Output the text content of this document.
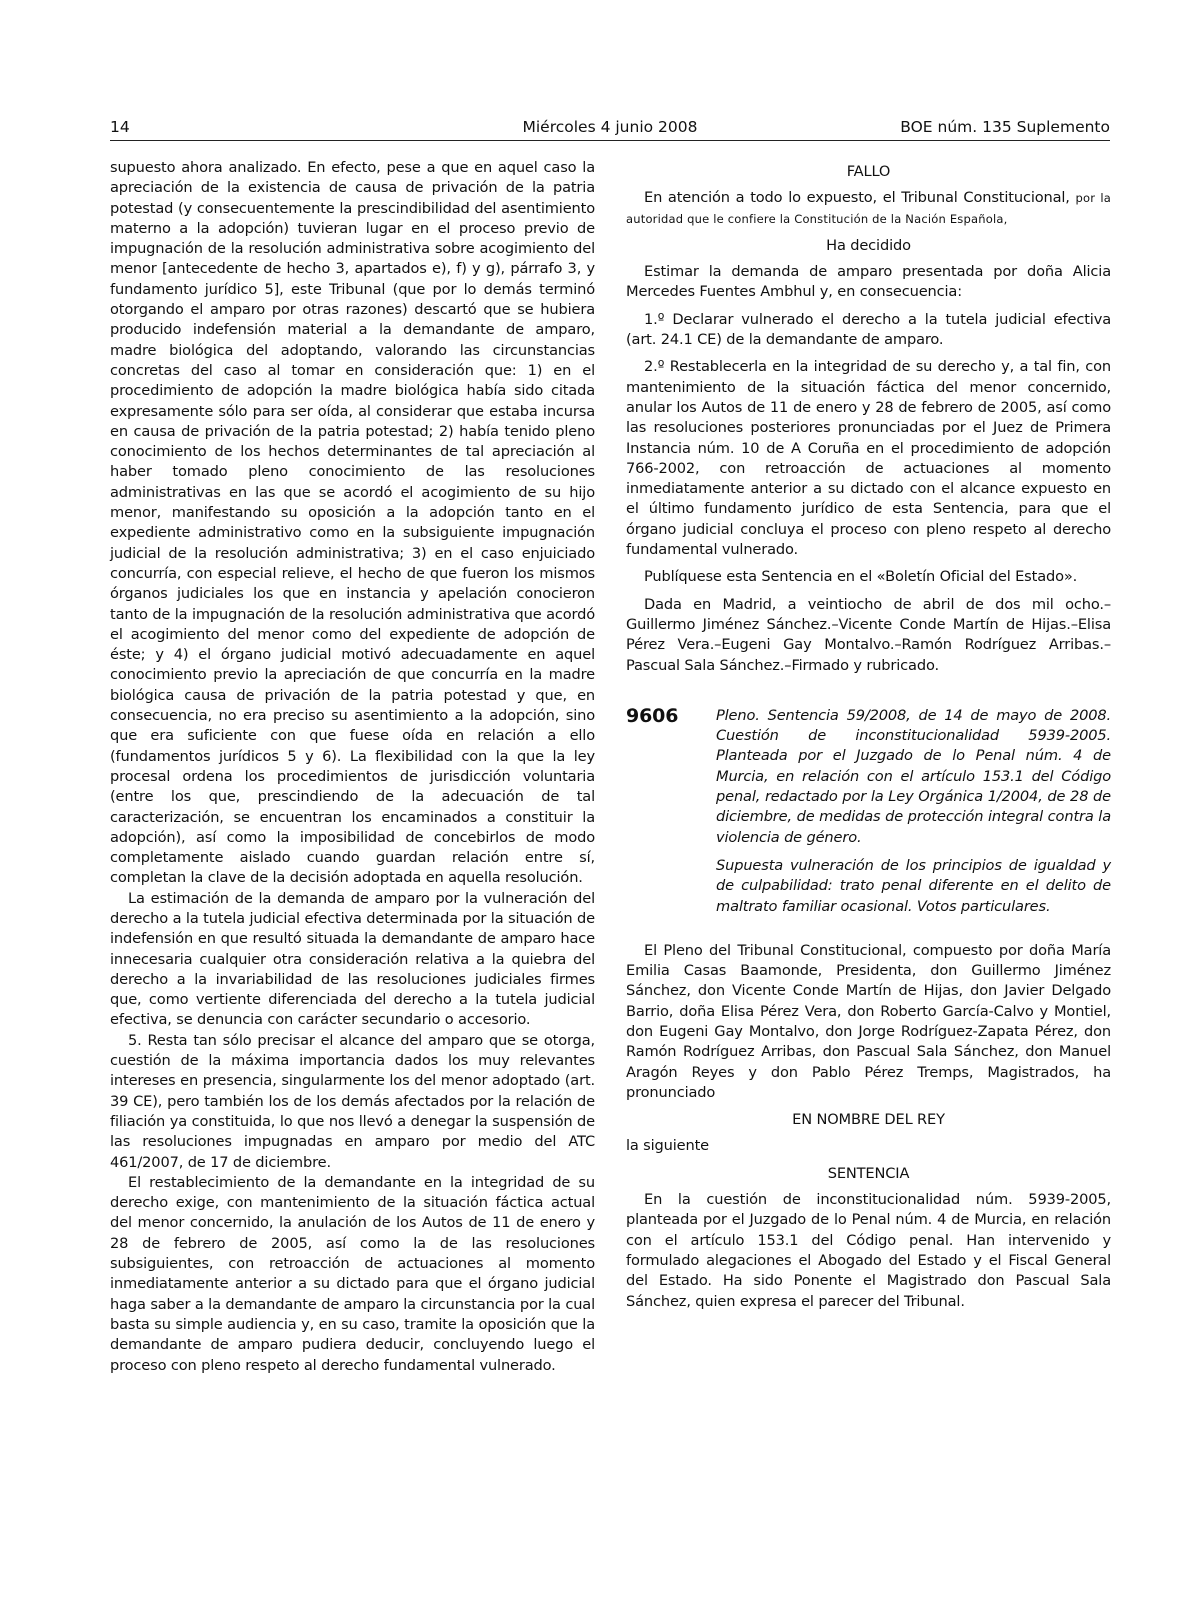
14	Miércoles 4 junio 2008	BOE núm. 135 Suplemento

supuesto ahora analizado. En efecto, pese a que en aquel caso la apreciación de la existencia de causa de privación de la patria potestad (y consecuentemente la prescindibilidad del asentimiento materno a la adopción) tuvieran lugar en el proceso previo de impugnación de la resolución administrativa sobre acogimiento del menor [antecedente de hecho 3, apartados e), f) y g), párrafo 3, y fundamento jurídico 5], este Tribunal (que por lo demás terminó otorgando el amparo por otras razones) descartó que se hubiera producido indefensión material a la demandante de amparo, madre biológica del adoptando, valorando las circunstancias concretas del caso al tomar en consideración que: 1) en el procedimiento de adopción la madre biológica había sido citada expresamente sólo para ser oída, al considerar que estaba incursa en causa de privación de la patria potestad; 2) había tenido pleno conocimiento de los hechos determinantes de tal apreciación al haber tomado pleno conocimiento de las resoluciones administrativas en las que se acordó el acogimiento de su hijo menor, manifestando su oposición a la adopción tanto en el expediente administrativo como en la subsiguiente impugnación judicial de la resolución administrativa; 3) en el caso enjuiciado concurría, con especial relieve, el hecho de que fueron los mismos órganos judiciales los que en instancia y apelación conocieron tanto de la impugnación de la resolución administrativa que acordó el acogimiento del menor como del expediente de adopción de éste; y 4) el órgano judicial motivó adecuadamente en aquel conocimiento previo la apreciación de que concurría en la madre biológica causa de privación de la patria potestad y que, en consecuencia, no era preciso su asentimiento a la adopción, sino que era suficiente con que fuese oída en relación a ello (fundamentos jurídicos 5 y 6). La flexibilidad con la que la ley procesal ordena los procedimientos de jurisdicción voluntaria (entre los que, prescindiendo de la adecuación de tal caracterización, se encuentran los encaminados a constituir la adopción), así como la imposibilidad de concebirlos de modo completamente aislado cuando guardan relación entre sí, completan la clave de la decisión adoptada en aquella resolución.

La estimación de la demanda de amparo por la vulneración del derecho a la tutela judicial efectiva determinada por la situación de indefensión en que resultó situada la demandante de amparo hace innecesaria cualquier otra consideración relativa a la quiebra del derecho a la invariabilidad de las resoluciones judiciales firmes que, como vertiente diferenciada del derecho a la tutela judicial efectiva, se denuncia con carácter secundario o accesorio.

5. Resta tan sólo precisar el alcance del amparo que se otorga, cuestión de la máxima importancia dados los muy relevantes intereses en presencia, singularmente los del menor adoptado (art. 39 CE), pero también los de los demás afectados por la relación de filiación ya constituida, lo que nos llevó a denegar la suspensión de las resoluciones impugnadas en amparo por medio del ATC 461/2007, de 17 de diciembre.

El restablecimiento de la demandante en la integridad de su derecho exige, con mantenimiento de la situación fáctica actual del menor concernido, la anulación de los Autos de 11 de enero y 28 de febrero de 2005, así como la de las resoluciones subsiguientes, con retroacción de actuaciones al momento inmediatamente anterior a su dictado para que el órgano judicial haga saber a la demandante de amparo la circunstancia por la cual basta su simple audiencia y, en su caso, tramite la oposición que la demandante de amparo pudiera deducir, concluyendo luego el proceso con pleno respeto al derecho fundamental vulnerado.

FALLO

En atención a todo lo expuesto, el Tribunal Constitucional, por la autoridad que le confiere la Constitución de la Nación Española,

Ha decidido

Estimar la demanda de amparo presentada por doña Alicia Mercedes Fuentes Ambhul y, en consecuencia:

1.º Declarar vulnerado el derecho a la tutela judicial efectiva (art. 24.1 CE) de la demandante de amparo.

2.º Restablecerla en la integridad de su derecho y, a tal fin, con mantenimiento de la situación fáctica del menor concernido, anular los Autos de 11 de enero y 28 de febrero de 2005, así como las resoluciones posteriores pronunciadas por el Juez de Primera Instancia núm. 10 de A Coruña en el procedimiento de adopción 766-2002, con retroacción de actuaciones al momento inmediatamente anterior a su dictado con el alcance expuesto en el último fundamento jurídico de esta Sentencia, para que el órgano judicial concluya el proceso con pleno respeto al derecho fundamental vulnerado.

Publíquese esta Sentencia en el «Boletín Oficial del Estado».

Dada en Madrid, a veintiocho de abril de dos mil ocho.–Guillermo Jiménez Sánchez.–Vicente Conde Martín de Hijas.–Elisa Pérez Vera.–Eugeni Gay Montalvo.–Ramón Rodríguez Arribas.–Pascual Sala Sánchez.–Firmado y rubricado.

9606	Pleno. Sentencia 59/2008, de 14 de mayo de 2008. Cuestión de inconstitucionalidad 5939-2005. Planteada por el Juzgado de lo Penal núm. 4 de Murcia, en relación con el artículo 153.1 del Código penal, redactado por la Ley Orgánica 1/2004, de 28 de diciembre, de medidas de protección integral contra la violencia de género.

Supuesta vulneración de los principios de igualdad y de culpabilidad: trato penal diferente en el delito de maltrato familiar ocasional. Votos particulares.

El Pleno del Tribunal Constitucional, compuesto por doña María Emilia Casas Baamonde, Presidenta, don Guillermo Jiménez Sánchez, don Vicente Conde Martín de Hijas, don Javier Delgado Barrio, doña Elisa Pérez Vera, don Roberto García-Calvo y Montiel, don Eugeni Gay Montalvo, don Jorge Rodríguez-Zapata Pérez, don Ramón Rodríguez Arribas, don Pascual Sala Sánchez, don Manuel Aragón Reyes y don Pablo Pérez Tremps, Magistrados, ha pronunciado

EN NOMBRE DEL REY

la siguiente

SENTENCIA

En la cuestión de inconstitucionalidad núm. 5939-2005, planteada por el Juzgado de lo Penal núm. 4 de Murcia, en relación con el artículo 153.1 del Código penal. Han intervenido y formulado alegaciones el Abogado del Estado y el Fiscal General del Estado. Ha sido Ponente el Magistrado don Pascual Sala Sánchez, quien expresa el parecer del Tribunal.
